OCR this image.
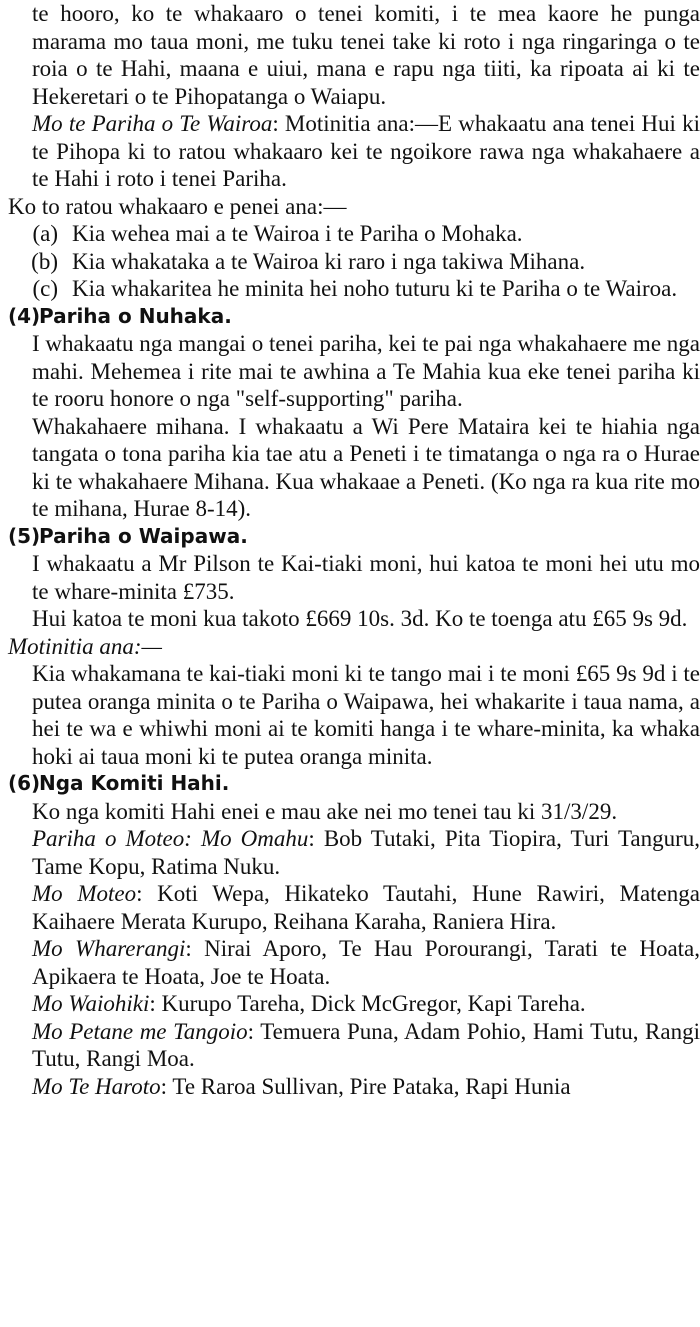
te hooro, ko te whakaaro o tenei komiti, i te mea kaore he punga marama mo taua moni, me tuku tenei take ki roto i nga ringaringa o te roia o te Hahi, maana e uiui, mana e rapu nga tiiti, ka ripoata ai ki te Hekeretari o te Pihopatanga o Waiapu.

Mo te Pariha o Te Wairoa: Motinitia ana:—E whakaatu ana tenei Hui ki te Pihopa ki to ratou whakaaro kei te ngoikore rawa nga whakahaere a te Hahi i roto i tenei Pariha.

Ko to ratou whakaaro e penei ana:—

(a) Kia wehea mai a te Wairoa i te Pariha o Mohaka.

(b) Kia whakataka a te Wairoa ki raro i nga takiwa Mihana.

(c) Kia whakaritea he minita hei noho tuturu ki te Pariha o te Wairoa.

(4) Pariha o Nuhaka.

I whakaatu nga mangai o tenei pariha, kei te pai nga whakahaere me nga mahi. Mehemea i rite mai te awhina a Te Mahia kua eke tenei pariha ki te rooru honore o nga "self-supporting" pariha.

Whakahaere mihana. I whakaatu a Wi Pere Mataira kei te hiahia nga tangata o tona pariha kia tae atu a Peneti i te timatanga o nga ra o Hurae ki te whakahaere Mihana. Kua whakaae a Peneti. (Ko nga ra kua rite mo te mihana, Hurae 8-14).

(5) Pariha o Waipawa.

I whakaatu a Mr Pilson te Kai-tiaki moni, hui katoa te moni hei utu mo te whare-minita £735.

Hui katoa te moni kua takoto £669 10s. 3d. Ko te toenga atu £65 9s 9d.

Motinitia ana:—

Kia whakamana te kai-tiaki moni ki te tango mai i te moni £65 9s 9d i te putea oranga minita o te Pariha o Waipawa, hei whakarite i taua nama, a hei te wa e whiwhi moni ai te komiti hanga i te whare-minita, ka whaka hoki ai taua moni ki te putea oranga minita.

(6) Nga Komiti Hahi.

Ko nga komiti Hahi enei e mau ake nei mo tenei tau ki 31/3/29.

Pariha o Moteo: Mo Omahu: Bob Tutaki, Pita Tiopira, Turi Tanguru, Tame Kopu, Ratima Nuku.

Mo Moteo: Koti Wepa, Hikateko Tautahi, Hune Rawiri, Matenga Kaihaere Merata Kurupo, Reihana Karaha, Raniera Hira.

Mo Wharerangi: Nirai Aporo, Te Hau Porourangi, Tarati te Hoata, Apikaera te Hoata, Joe te Hoata.

Mo Waiohiki: Kurupo Tareha, Dick McGregor, Kapi Tareha.

Mo Petane me Tangoio: Temuera Puna, Adam Pohio, Hami Tutu, Rangi Tutu, Rangi Moa.

Mo Te Haroto: Te Raroa Sullivan, Pire Pataka, Rapi Hunia
